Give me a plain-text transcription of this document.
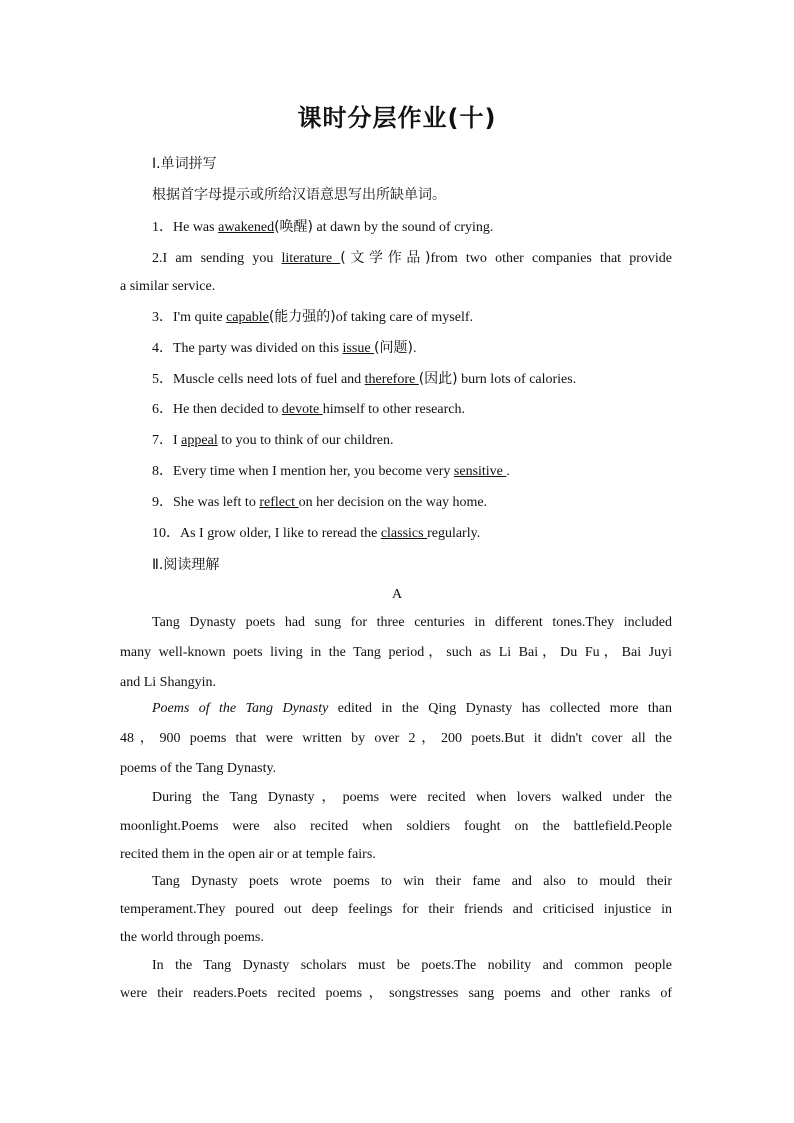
课时分层作业(十)
Ⅰ.单词拼写
根据首字母提示或所给汉语意思写出所缺单词。
1．He was awakened(唤醒) at dawn by the sound of crying.
2.I am sending you literature (文学作品)from two other companies that provide
a similar service.
3．I'm quite capable(能力强的)of taking care of myself.
4．The party was divided on this issue (问题).
5．Muscle cells need lots of fuel and therefore (因此) burn lots of calories.
6．He then decided to devote himself to other research.
7．I appeal to you to think of our children.
8．Every time when I mention her, you become very sensitive .
9．She was left to reflect on her decision on the way home.
10．As I grow older, I like to reread the classics regularly.
Ⅱ.阅读理解
A
Tang Dynasty poets had sung for three centuries in different tones.They included
many well-known poets living in the Tang period，such as Li Bai，Du Fu，Bai Juyi
and Li Shangyin.
Poems of the Tang Dynasty edited in the Qing Dynasty has collected more than
48，900 poems that were written by over 2，200 poets.But it didn't cover all the
poems of the Tang Dynasty.
During the Tang Dynasty，poems were recited when lovers walked under the
moonlight.Poems were also recited when soldiers fought on the battlefield.People
recited them in the open air or at temple fairs.
Tang Dynasty poets wrote poems to win their fame and also to mould their
temperament.They poured out deep feelings for their friends and criticised injustice in
the world through poems.
In the Tang Dynasty scholars must be poets.The nobility and common people
were their readers.Poets recited poems，songstresses sang poems and other ranks of
